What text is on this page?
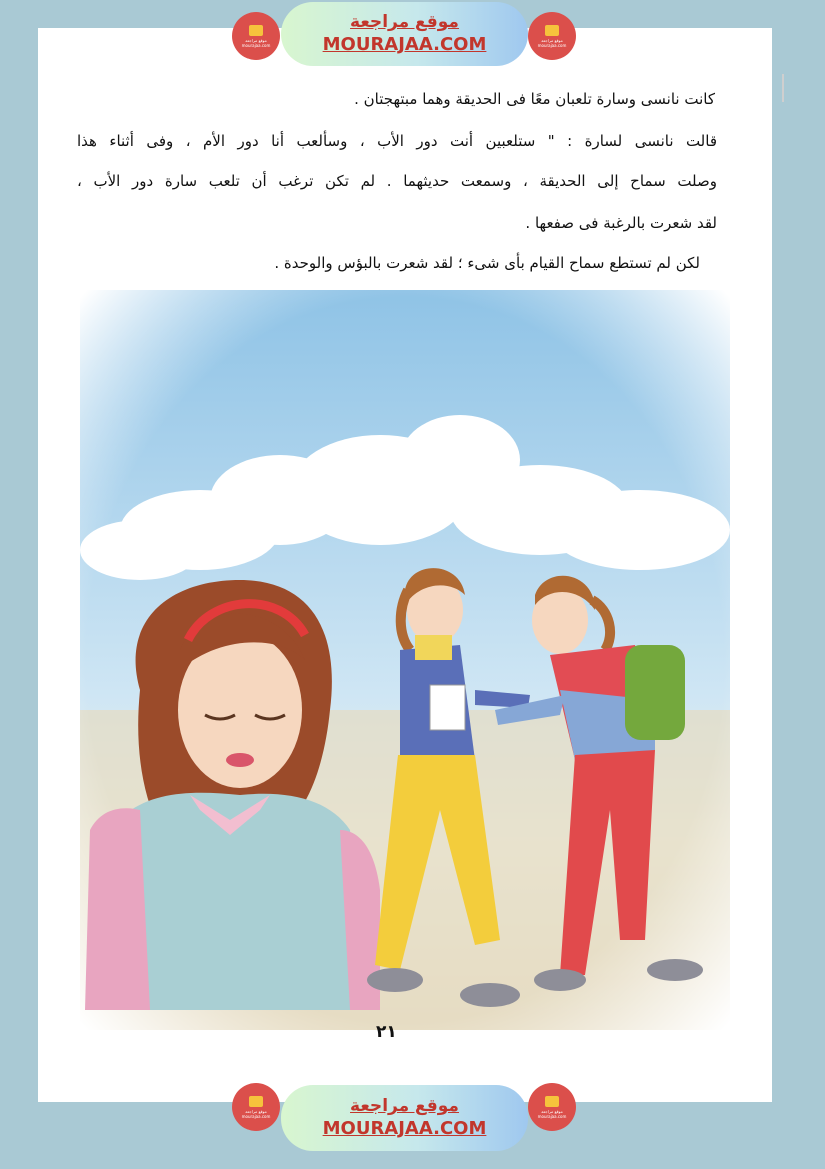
موقع مراجعة
mourajaa.com
موقع مراجعة
MOURAJAA.COM	موقع مراجعة
mourajaa.com
كانت نانسى وسارة تلعبان معًا فى الحديقة وهما مبتهجتان .
قالت نانسى لسارة : " ستلعبين أنت دور الأب ، وسألعب أنا دور الأم ، وفى أثناء هذا
وصلت سماح إلى الحديقة ، وسمعت حديثهما . لم تكن ترغب أن تلعب سارة دور الأب ،
لقد شعرت بالرغبة فى صفعها .
لكن لم تستطع سماح القيام بأى شىء ؛ لقد شعرت بالبؤس والوحدة .
٢١
موقع مراجعة
mourajaa.com	موقع مراجعة
MOURAJAA.COM
موقع مراجعة
mourajaa.com
